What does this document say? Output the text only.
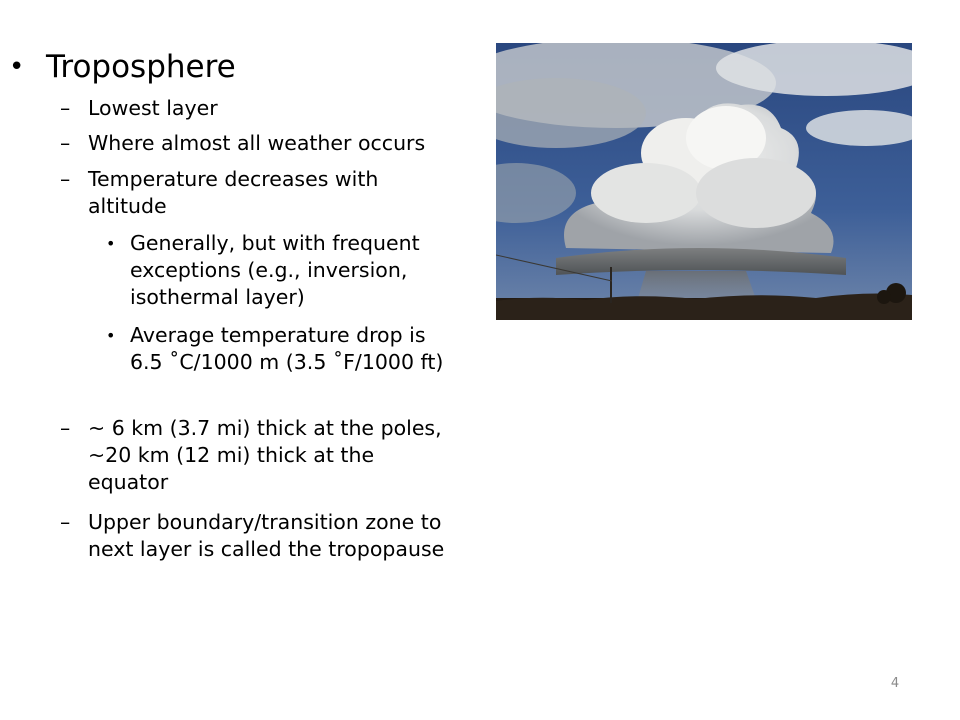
• Troposphere
– Lowest layer
– Where almost all weather occurs
– Temperature decreases with altitude
• Generally, but with frequent exceptions (e.g., inversion, isothermal layer)
• Average temperature drop is 6.5 ˚C/1000 m (3.5 ˚F/1000 ft)
– ~ 6 km (3.7 mi) thick at the poles, ~20 km (12 mi) thick at the equator
– Upper boundary/transition zone to next layer is called the tropopause
4
